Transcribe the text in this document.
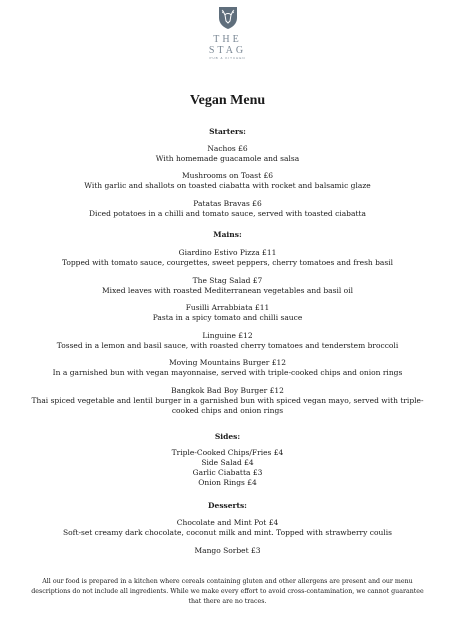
THE
STAG
PUB & KITCHEN
Vegan Menu
Starters:
Nachos £6
With homemade guacamole and salsa
Mushrooms on Toast £6
With garlic and shallots on toasted ciabatta with rocket and balsamic glaze
Patatas Bravas £6
Diced potatoes in a chilli and tomato sauce, served with toasted ciabatta
Mains:
Giardino Estivo Pizza £11
Topped with tomato sauce, courgettes, sweet peppers, cherry tomatoes and fresh basil
The Stag Salad £7
Mixed leaves with roasted Mediterranean vegetables and basil oil
Fusilli Arrabbiata £11
Pasta in a spicy tomato and chilli sauce
Linguine £12
Tossed in a lemon and basil sauce, with roasted cherry tomatoes and tenderstem broccoli
Moving Mountains Burger £12
In a garnished bun with vegan mayonnaise, served with triple-cooked chips and onion rings
Bangkok Bad Boy Burger £12
Thai spiced vegetable and lentil burger in a garnished bun with spiced vegan mayo, served with triple-cooked chips and onion rings
Sides:
Triple-Cooked Chips/Fries £4
Side Salad £4
Garlic Ciabatta £3
Onion Rings £4
Desserts:
Chocolate and Mint Pot £4
Soft-set creamy dark chocolate, coconut milk and mint. Topped with strawberry coulis
Mango Sorbet £3
All our food is prepared in a kitchen where cereals containing gluten and other allergens are present and our menu descriptions do not include all ingredients. While we make every effort to avoid cross-contamination, we cannot guarantee that there are no traces.
